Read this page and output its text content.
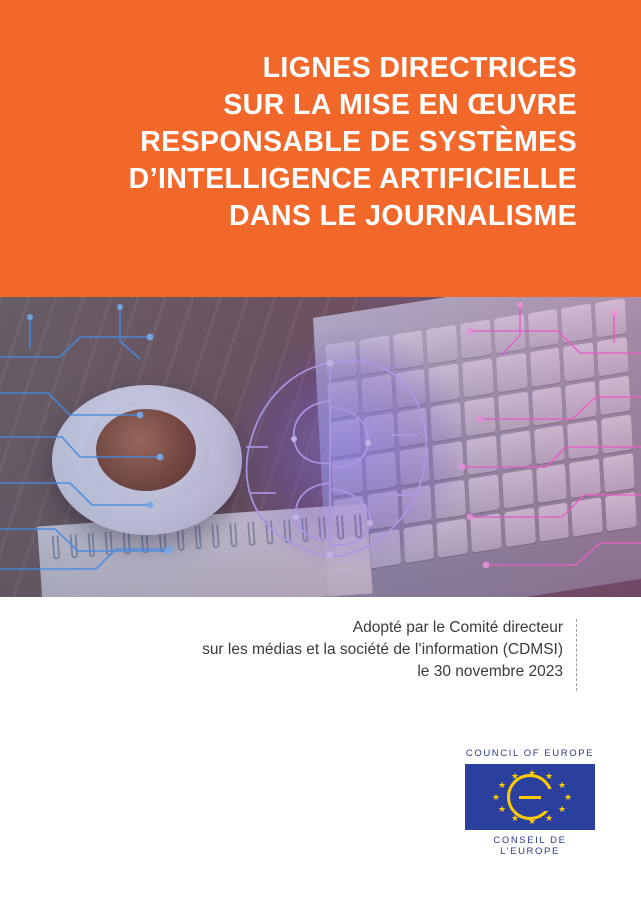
LIGNES DIRECTRICES
SUR LA MISE EN ŒUVRE
RESPONSABLE DE SYSTÈMES
D’INTELLIGENCE ARTIFICIELLE
DANS LE JOURNALISME
Adopté par le Comité directeur
sur les médias et la société de l’information (CDMSI)
le 30 novembre 2023
COUNCIL OF EUROPE
★ ★
★
★
★
★
★
★
★
★
★
★
CONSEIL DE L’EUROPE
